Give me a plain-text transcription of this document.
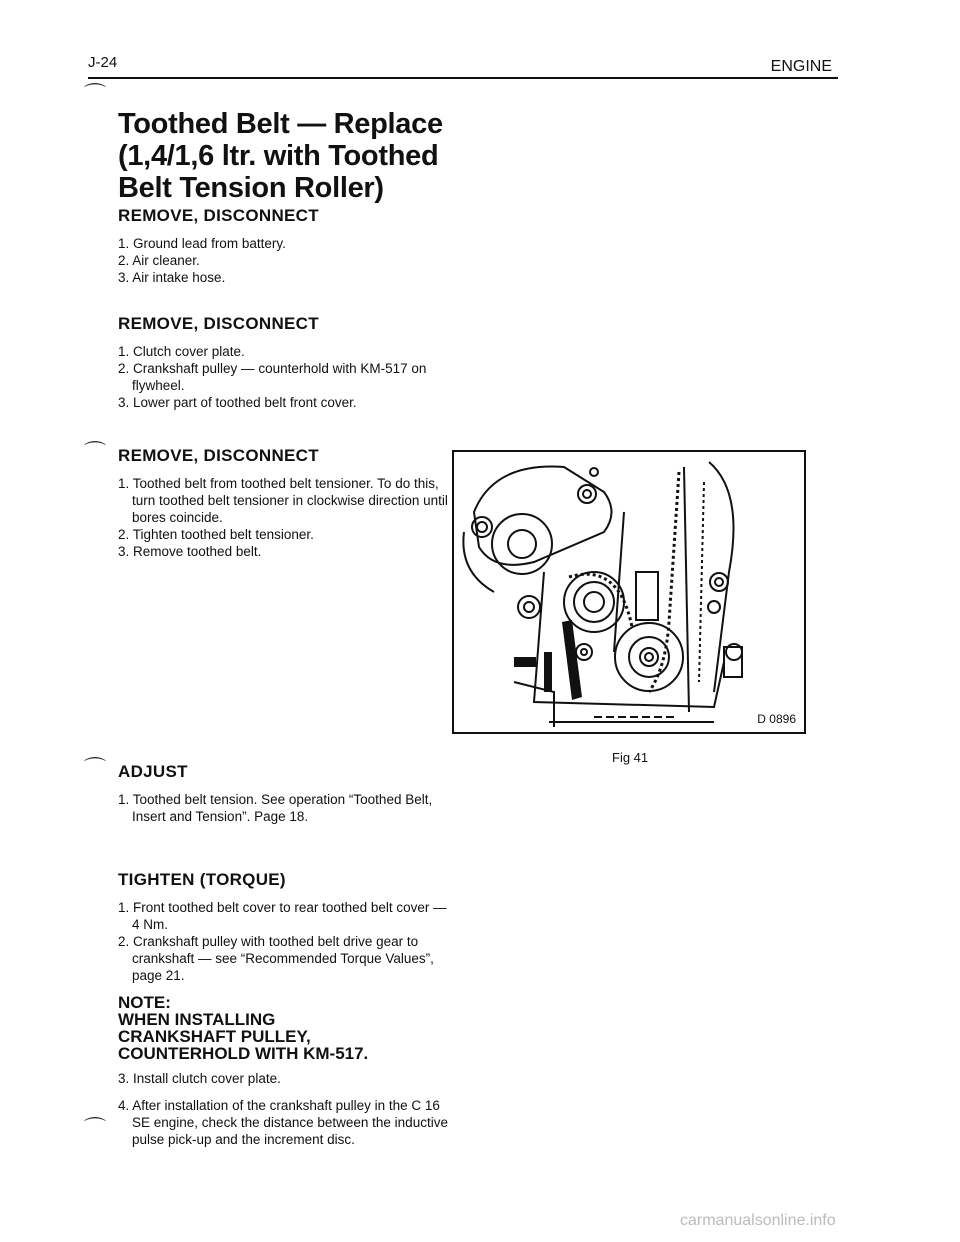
J-24	ENGINE
⌒
⌒
⌒
⌒
Toothed Belt — Replace
(1,4/1,6 ltr. with Toothed
Belt Tension Roller)
REMOVE, DISCONNECT
1. Ground lead from battery.
2. Air cleaner.
3. Air intake hose.
REMOVE, DISCONNECT
1. Clutch cover plate.
2. Crankshaft pulley — counterhold with KM-517 on flywheel.
3. Lower part of toothed belt front cover.
REMOVE, DISCONNECT
1. Toothed belt from toothed belt tensioner. To do this, turn toothed belt tensioner in clockwise direction until bores coincide.
2. Tighten toothed belt tensioner.
3. Remove toothed belt.
ADJUST
1. Toothed belt tension. See operation “Toothed Belt, Insert and Tension”. Page 18.
TIGHTEN (TORQUE)
1. Front toothed belt cover to rear toothed belt cover — 4 Nm.
2. Crankshaft pulley with toothed belt drive gear to crankshaft — see “Recommended Torque Values”, page 21.
NOTE:
WHEN INSTALLING
CRANKSHAFT PULLEY,
COUNTERHOLD WITH KM-517.
3. Install clutch cover plate.
4. After installation of the crankshaft pulley in the C 16 SE engine, check the distance between the inductive pulse pick-up and the increment disc.
D 0896
Fig 41
carmanualsonline.info
